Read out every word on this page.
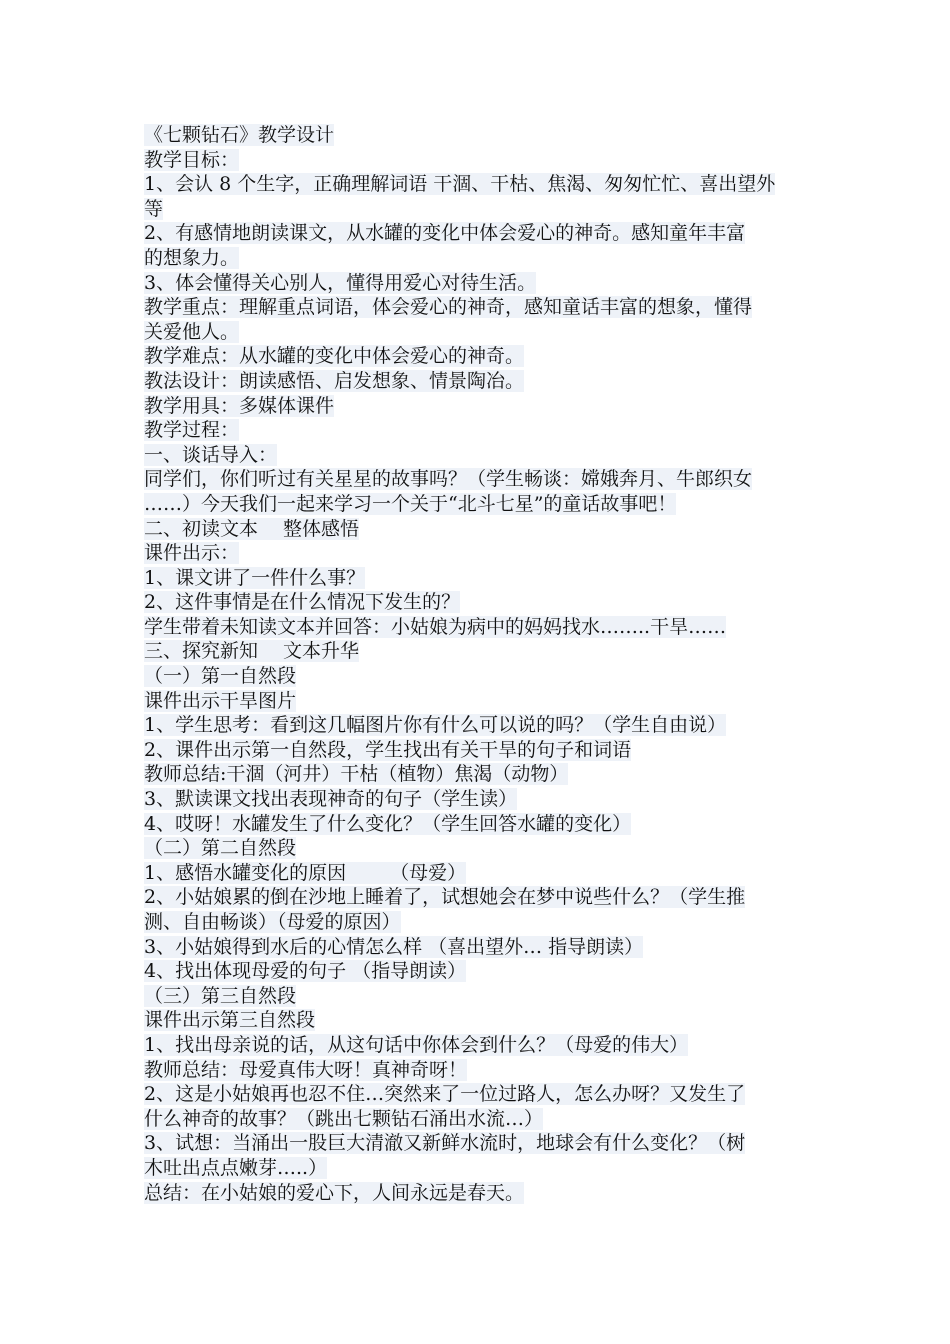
《七颗钻石》教学设计
教学目标：
1、会认 8 个生字，正确理解词语 干涸、干枯、焦渴、匆匆忙忙、喜出望外
等
2、有感情地朗读课文，从水罐的变化中体会爱心的神奇。感知童年丰富
的想象力。
3、体会懂得关心别人，懂得用爱心对待生活。
教学重点：理解重点词语，体会爱心的神奇，感知童话丰富的想象，懂得
关爱他人。
教学难点：从水罐的变化中体会爱心的神奇。
教法设计：朗读感悟、启发想象、情景陶冶。
教学用具：多媒体课件
教学过程：
一、谈话导入：
同学们，你们听过有关星星的故事吗？（学生畅谈：嫦娥奔月、牛郎织女
……）今天我们一起来学习一个关于“北斗七星”的童话故事吧！
二、初读文本　 整体感悟
课件出示：
1、课文讲了一件什么事？
2、这件事情是在什么情况下发生的？
学生带着未知读文本并回答：小姑娘为病中的妈妈找水……..干旱……
三、探究新知　 文本升华
（一）第一自然段
课件出示干旱图片
1、学生思考：看到这几幅图片你有什么可以说的吗？（学生自由说）
2、课件出示第一自然段，学生找出有关干旱的句子和词语
教师总结:干涸（河井）干枯（植物）焦渴（动物）
3、默读课文找出表现神奇的句子（学生读）
4、哎呀！水罐发生了什么变化？（学生回答水罐的变化）
（二）第二自然段
1、感悟水罐变化的原因　　 （母爱）
2、小姑娘累的倒在沙地上睡着了，试想她会在梦中说些什么？（学生推
测、自由畅谈）（母爱的原因）
3、小姑娘得到水后的心情怎么样 （喜出望外… 指导朗读）
4、找出体现母爱的句子 （指导朗读）
（三）第三自然段
课件出示第三自然段
1、找出母亲说的话，从这句话中你体会到什么？（母爱的伟大）
教师总结：母爱真伟大呀！真神奇呀！
2、这是小姑娘再也忍不住…突然来了一位过路人，怎么办呀？又发生了
什么神奇的故事？（跳出七颗钻石涌出水流…）
3、试想：当涌出一股巨大清澈又新鲜水流时，地球会有什么变化？（树
木吐出点点嫩芽…..）
总结：在小姑娘的爱心下，人间永远是春天。
